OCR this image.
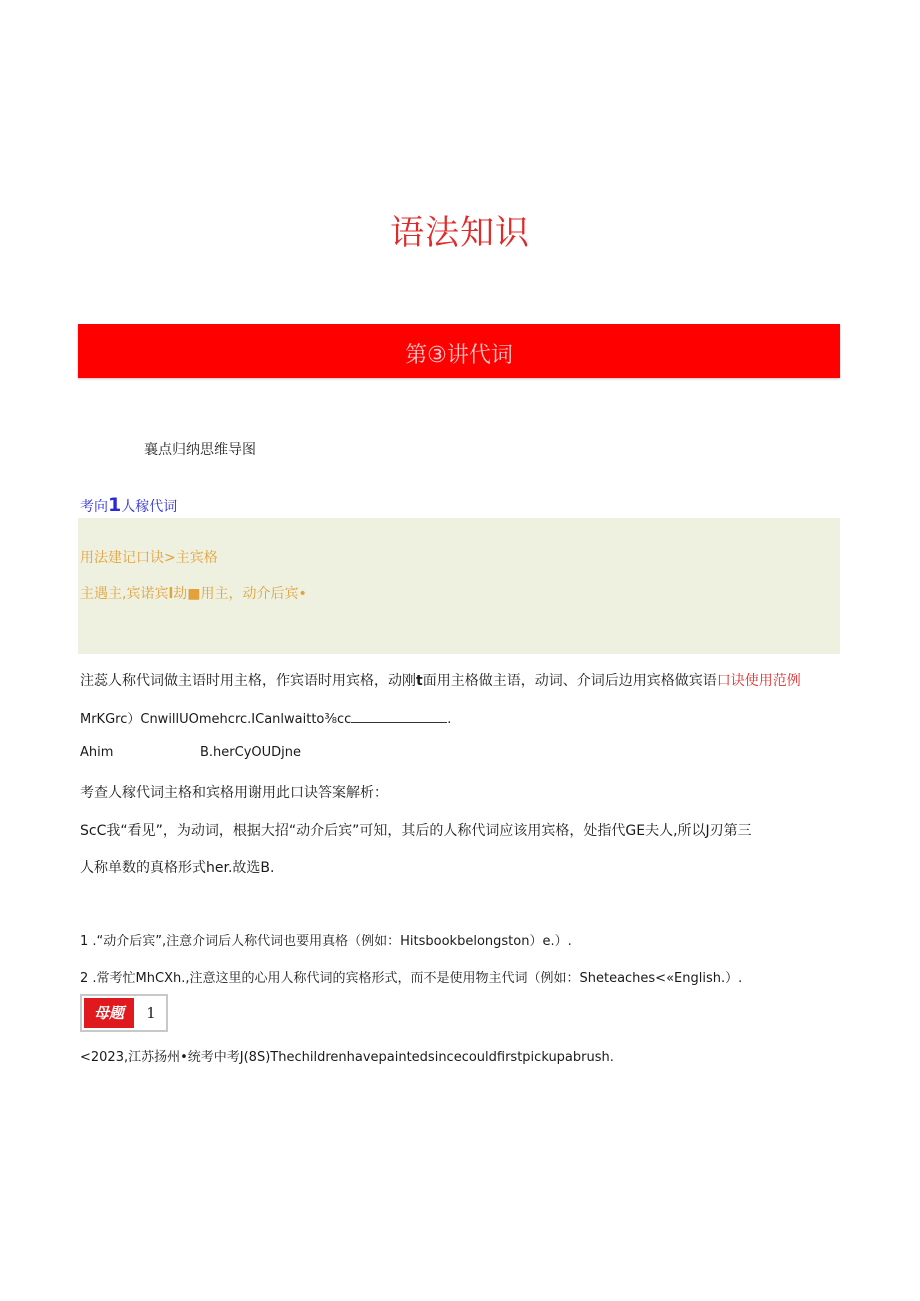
语法知识
第③讲代词
襄点归纳思维导图
考向1人稼代词
用法建记口诀>主宾格
主遇主,宾诺宾l劫■用主，动介后宾•
注蕊人称代词做主语时用主格，作宾语时用宾格，动刚t面用主格做主语，动词、介词后边用宾格做宾语口诀使用范例
MrKGrc）CnwillUOmehcrc.ICanlwaitto⅜cc	.
Ahim	B.herCyOUDjne
考查人稼代词主格和宾格用谢用此口诀答案解析：
ScC我“看见”，为动词，根据大招“动介后宾”可知，其后的人称代词应该用宾格，处指代GE夫人,所以J刃第三
人称单数的真格形式her.故选B.
1 .“动介后宾”,注意介词后人称代词也要用真格（例如：Hitsbookbelongston）e.）.
2 .常考忙MhCXh.,注意这里的心用人称代词的宾格形式，而不是使用物主代词（例如：Sheteaches<«English.）.
母题	1
<2023,江苏扬州•统考中考J(8S)Thechildrenhavepaintedsincecouldfirstpickupabrush.
